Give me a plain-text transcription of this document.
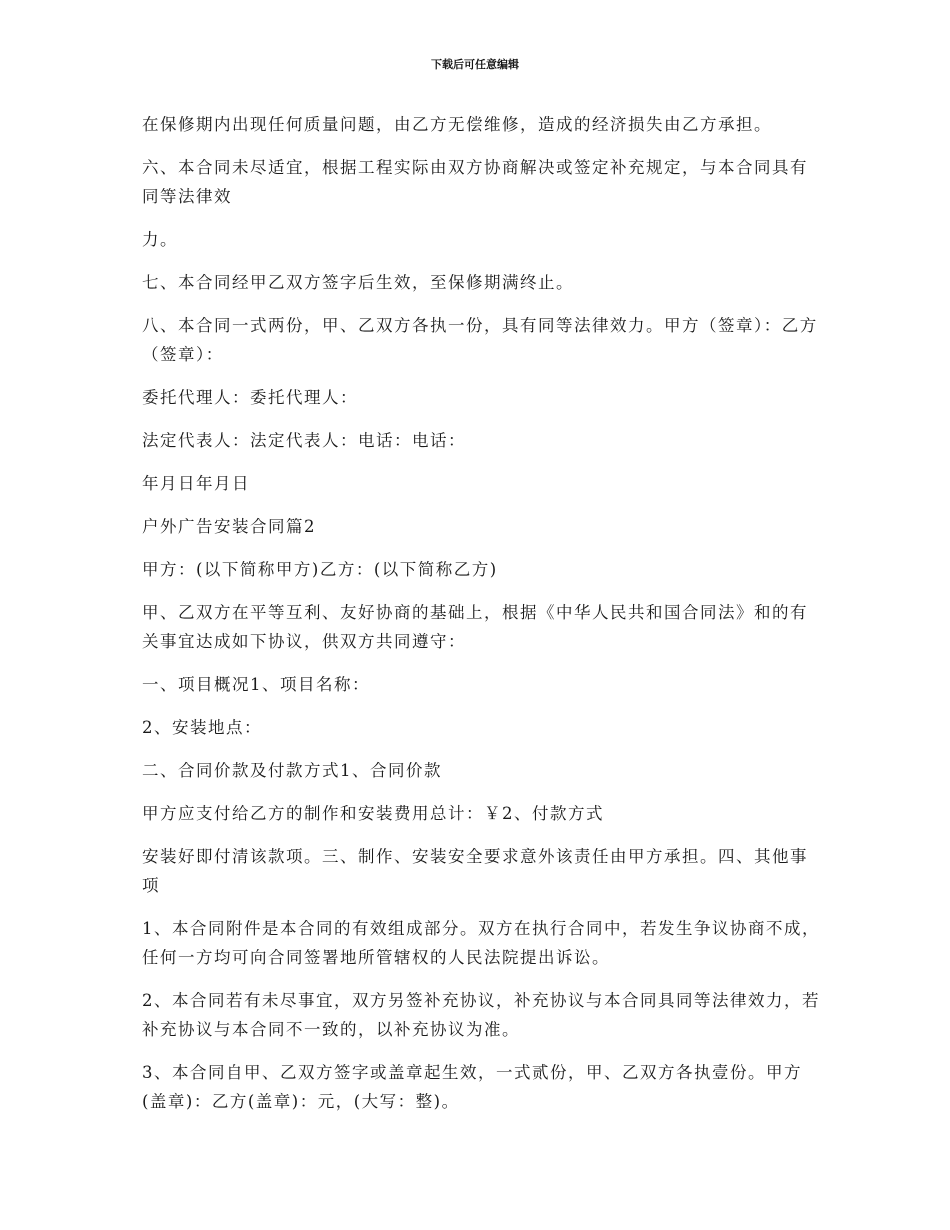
下载后可任意编辑

在保修期内出现任何质量问题，由乙方无偿维修，造成的经济损失由乙方承担。

六、本合同未尽适宜，根据工程实际由双方协商解决或签定补充规定，与本合同具有同等法律效

力。

七、本合同经甲乙双方签字后生效，至保修期满终止。

八、本合同一式两份，甲、乙双方各执一份，具有同等法律效力。甲方（签章）：乙方（签章）：

委托代理人：委托代理人：

法定代表人：法定代表人：电话：电话：

年月日年月日

户外广告安装合同篇2

甲方：(以下简称甲方)乙方：(以下简称乙方)

甲、乙双方在平等互利、友好协商的基础上，根据《中华人民共和国合同法》和的有关事宜达成如下协议，供双方共同遵守：

一、项目概况1、项目名称：

2、安装地点：

二、合同价款及付款方式1、合同价款

甲方应支付给乙方的制作和安装费用总计：￥2、付款方式

安装好即付清该款项。三、制作、安装安全要求意外该责任由甲方承担。四、其他事项

1、本合同附件是本合同的有效组成部分。双方在执行合同中，若发生争议协商不成，任何一方均可向合同签署地所管辖权的人民法院提出诉讼。

2、本合同若有未尽事宜，双方另签补充协议，补充协议与本合同具同等法律效力，若补充协议与本合同不一致的，以补充协议为准。

3、本合同自甲、乙双方签字或盖章起生效，一式贰份，甲、乙双方各执壹份。甲方(盖章)：乙方(盖章)：元，(大写：整)。
